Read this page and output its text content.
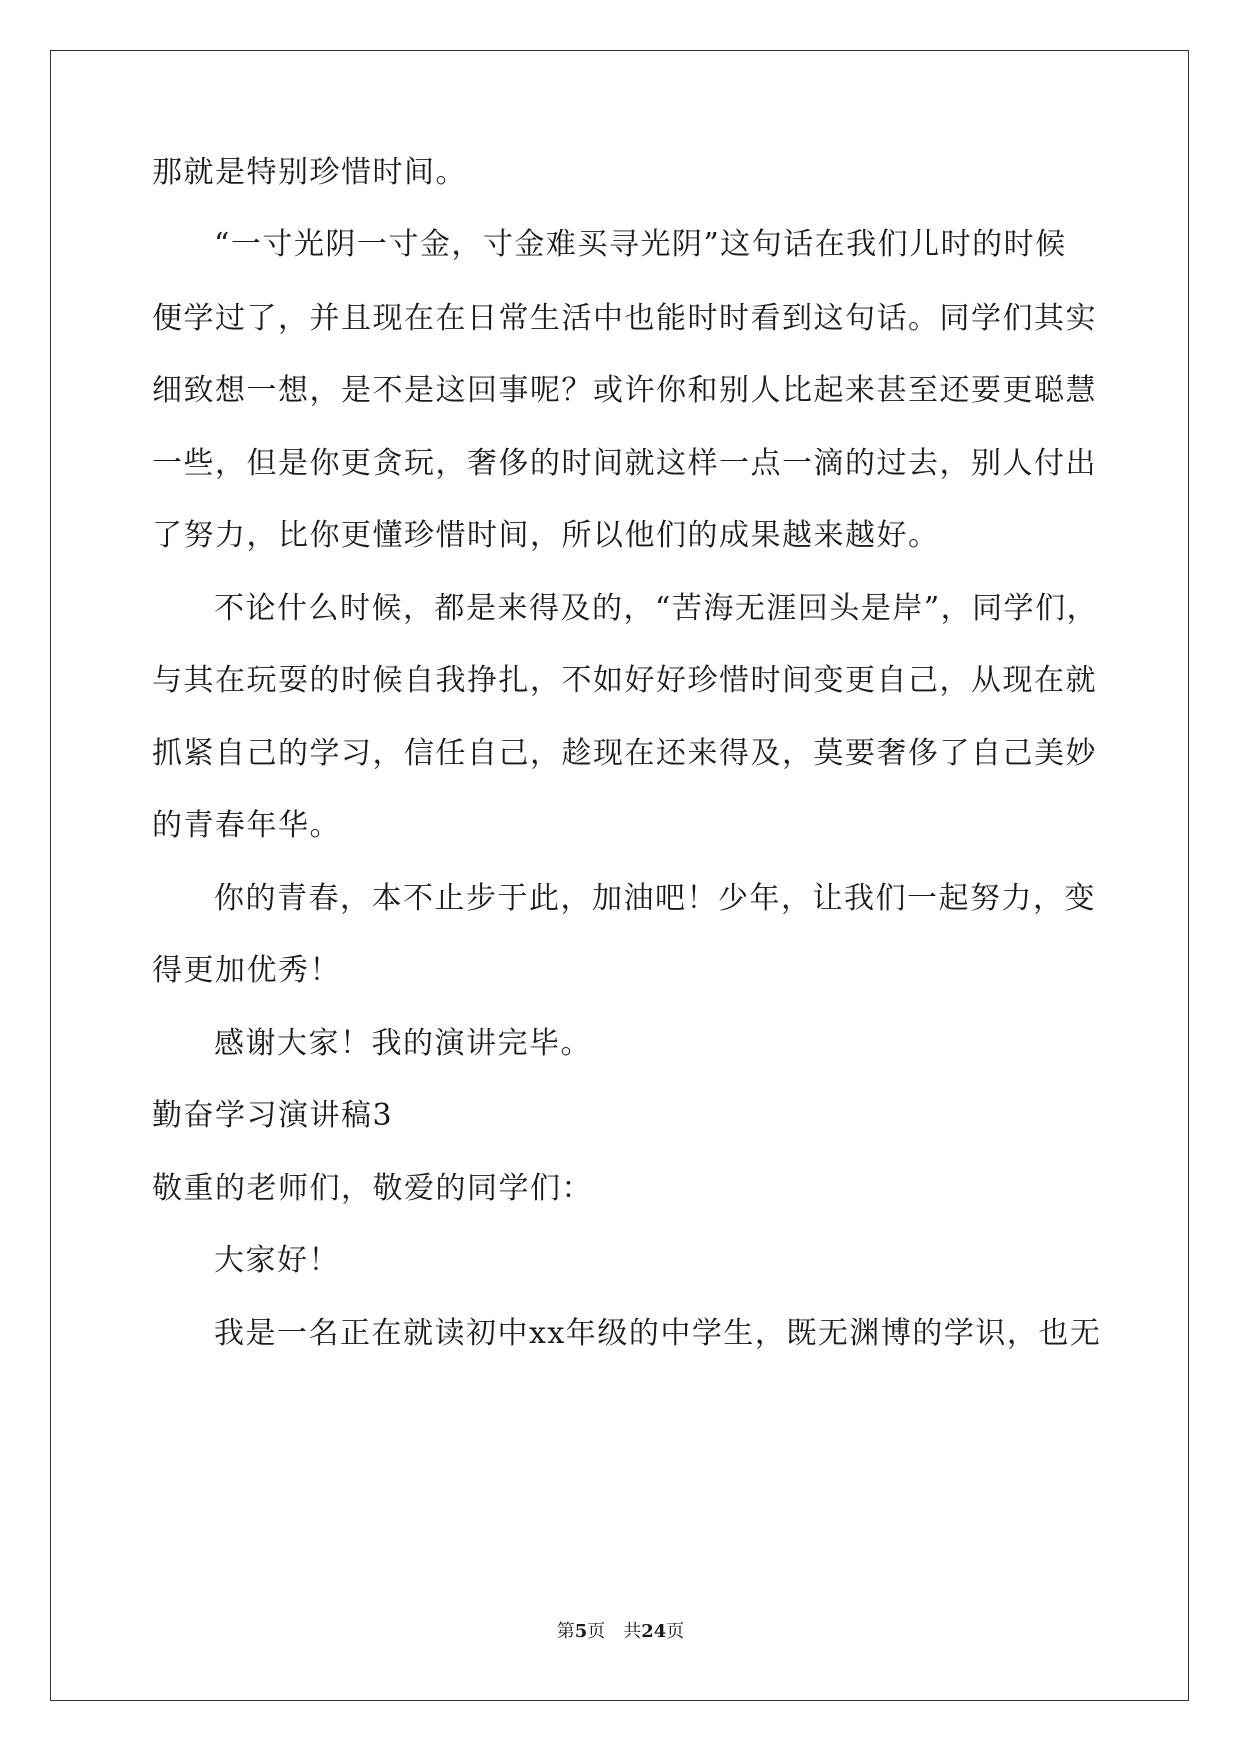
那就是特别珍惜时间。
“一寸光阴一寸金，寸金难买寻光阴”这句话在我们儿时的时候
便学过了，并且现在在日常生活中也能时时看到这句话。同学们其实
细致想一想，是不是这回事呢？或许你和别人比起来甚至还要更聪慧
一些，但是你更贪玩，奢侈的时间就这样一点一滴的过去，别人付出
了努力，比你更懂珍惜时间，所以他们的成果越来越好。
不论什么时候，都是来得及的，“苦海无涯回头是岸”，同学们，
与其在玩耍的时候自我挣扎，不如好好珍惜时间变更自己，从现在就
抓紧自己的学习，信任自己，趁现在还来得及，莫要奢侈了自己美妙
的青春年华。
你的青春，本不止步于此，加油吧！少年，让我们一起努力，变
得更加优秀！
感谢大家！我的演讲完毕。
勤奋学习演讲稿3
敬重的老师们，敬爱的同学们：
大家好！
我是一名正在就读初中xx年级的中学生，既无渊博的学识，也无
第5页　共24页
